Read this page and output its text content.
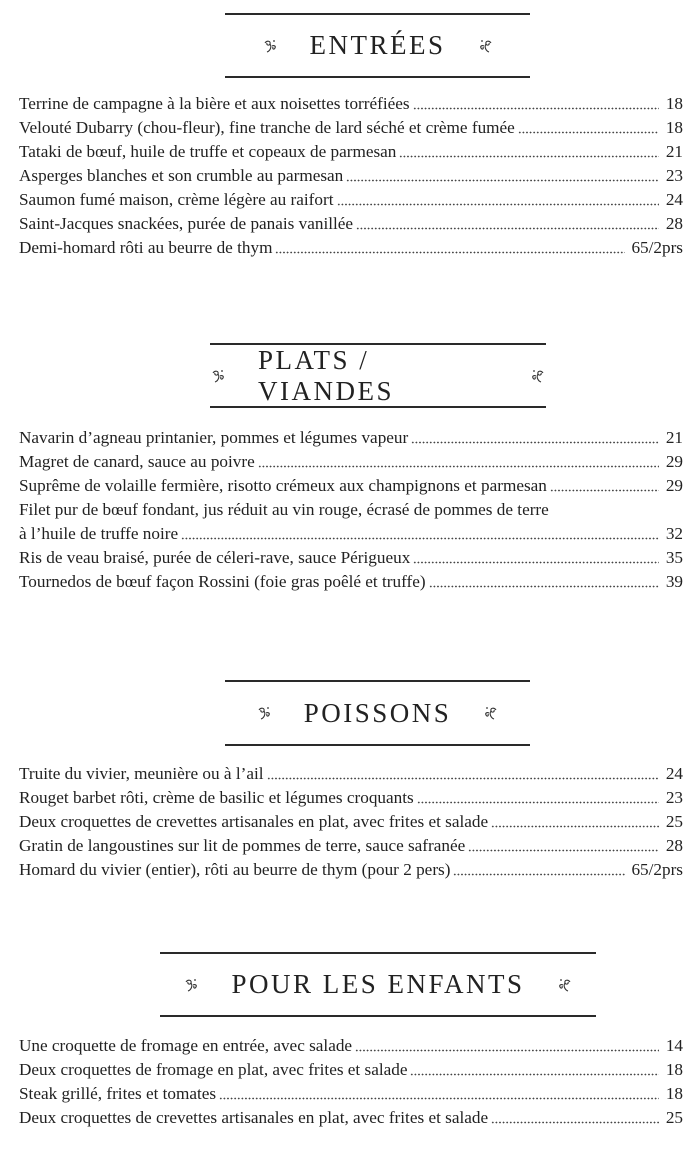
ENTRÉES
Terrine de campagne à la bière et aux noisettes torréfiées	18
Velouté Dubarry (chou-fleur), fine tranche de lard séché et crème fumée	18
Tataki de bœuf, huile de truffe et copeaux de parmesan	21
Asperges blanches et son crumble au parmesan	23
Saumon fumé maison, crème légère au raifort	24
Saint-Jacques snackées, purée de panais vanillée	28
Demi-homard rôti au beurre de thym	65/2prs
PLATS / VIANDES
Navarin d’agneau printanier, pommes et légumes vapeur	21
Magret de canard, sauce au poivre	29
Suprême de volaille fermière, risotto crémeux aux champignons et parmesan	29
Filet pur de bœuf fondant, jus réduit au vin rouge, écrasé de pommes de terre
à l’huile de truffe noire	32
Ris de veau braisé, purée de céleri-rave, sauce Périgueux	35
Tournedos de bœuf façon Rossini (foie gras poêlé et truffe)	39
POISSONS
Truite du vivier, meunière ou à l’ail	24
Rouget barbet rôti, crème de basilic et légumes croquants	23
Deux croquettes de crevettes artisanales en plat, avec frites et salade	25
Gratin de langoustines sur lit de pommes de terre, sauce safranée	28
Homard du vivier (entier), rôti au beurre de thym (pour 2 pers)	65/2prs
POUR LES ENFANTS
Une croquette de fromage en entrée, avec salade	14
Deux croquettes de fromage en plat, avec frites et salade	18
Steak grillé, frites et tomates	18
Deux croquettes de crevettes artisanales en plat, avec frites et salade	25
